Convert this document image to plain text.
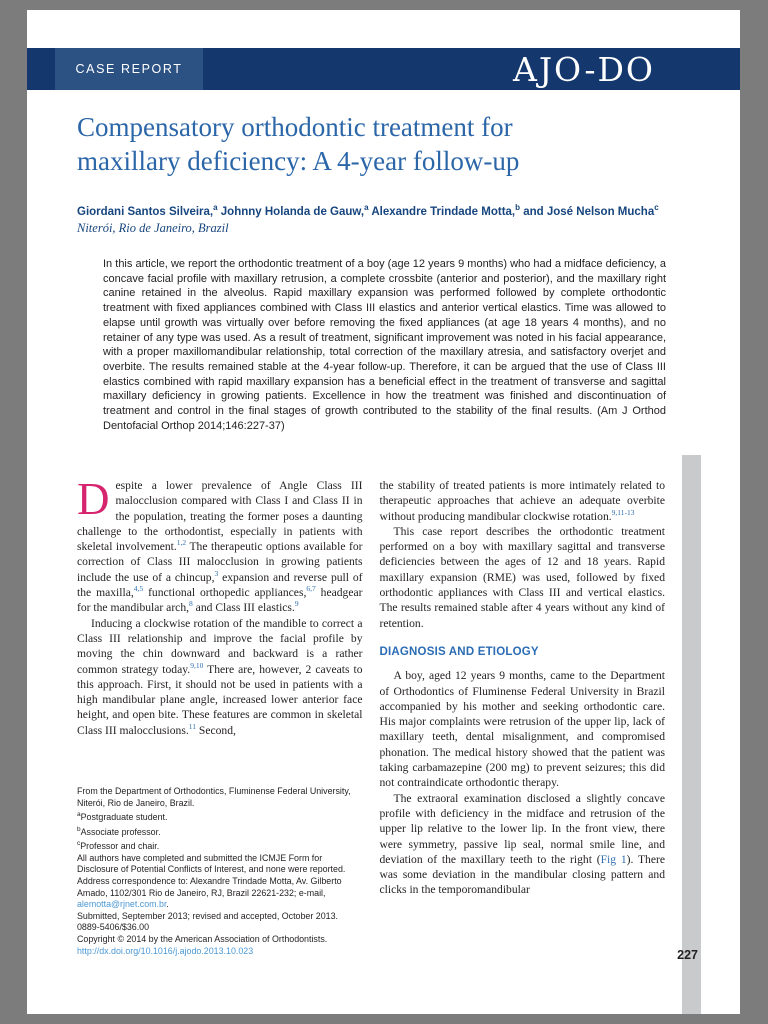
CASE REPORT	AJO-DO
Compensatory orthodontic treatment for
maxillary deficiency: A 4-year follow-up
Giordani Santos Silveira,$^a$ Johnny Holanda de Gauw,$^a$ Alexandre Trindade Motta,$^b$ and José Nelson Mucha$^c$
Niterói, Rio de Janeiro, Brazil

In this article, we report the orthodontic treatment of a boy (age 12 years 9 months) who had a midface deficiency, a concave facial profile with maxillary retrusion, a complete crossbite (anterior and posterior), and the maxillary right canine retained in the alveolus. Rapid maxillary expansion was performed followed by complete orthodontic treatment with fixed appliances combined with Class III elastics and anterior vertical elastics. Time was allowed to elapse until growth was virtually over before removing the fixed appliances (at age 18 years 4 months), and no retainer of any type was used. As a result of treatment, significant improvement was noted in his facial appearance, with a proper maxillomandibular relationship, total correction of the maxillary atresia, and satisfactory overjet and overbite. The results remained stable at the 4-year follow-up. Therefore, it can be argued that the use of Class III elastics combined with rapid maxillary expansion has a beneficial effect in the treatment of transverse and sagittal maxillary deficiency in growing patients. Excellence in how the treatment was finished and discontinuation of treatment and control in the final stages of growth contributed to the stability of the final results. (Am J Orthod Dentofacial Orthop 2014;146:227-37)

Despite a lower prevalence of Angle Class III malocclusion compared with Class I and Class II in the population, treating the former poses a daunting challenge to the orthodontist, especially in patients with skeletal involvement.$^{1,2}$ The therapeutic options available for correction of Class III malocclusion in growing patients include the use of a chincup,$^3$ expansion and reverse pull of the maxilla,$^{4,5}$ functional orthopedic appliances,$^{6,7}$ headgear for the mandibular arch,$^8$ and Class III elastics.$^9$

Inducing a clockwise rotation of the mandible to correct a Class III relationship and improve the facial profile by moving the chin downward and backward is a rather common strategy today.$^{9,10}$ There are, however, 2 caveats to this approach. First, it should not be used in patients with a high mandibular plane angle, increased lower anterior face height, and open bite. These features are common in skeletal Class III malocclusions.$^{11}$ Second,

the stability of treated patients is more intimately related to therapeutic approaches that achieve an adequate overbite without producing mandibular clockwise rotation.$^{9,11-13}$

This case report describes the orthodontic treatment performed on a boy with maxillary sagittal and transverse deficiencies between the ages of 12 and 18 years. Rapid maxillary expansion (RME) was used, followed by fixed orthodontic appliances with Class III and vertical elastics. The results remained stable after 4 years without any kind of retention.

DIAGNOSIS AND ETIOLOGY

A boy, aged 12 years 9 months, came to the Department of Orthodontics of Fluminense Federal University in Brazil accompanied by his mother and seeking orthodontic care. His major complaints were retrusion of the upper lip, lack of maxillary teeth, dental misalignment, and compromised phonation. The medical history showed that the patient was taking carbamazepine (200 mg) to prevent seizures; this did not contraindicate orthodontic therapy.

The extraoral examination disclosed a slightly concave profile with deficiency in the midface and retrusion of the upper lip relative to the lower lip. In the front view, there were symmetry, passive lip seal, normal smile line, and deviation of the maxillary teeth to the right (Fig 1). There was some deviation in the mandibular closing pattern and clicks in the temporomandibular

From the Department of Orthodontics, Fluminense Federal University, Niterói, Rio de Janeiro, Brazil.
$^a$Postgraduate student.
$^b$Associate professor.
$^c$Professor and chair.
All authors have completed and submitted the ICMJE Form for Disclosure of Potential Conflicts of Interest, and none were reported.
Address correspondence to: Alexandre Trindade Motta, Av. Gilberto Amado, 1102/301 Rio de Janeiro, RJ, Brazil 22621-232; e-mail, alemotta@rjnet.com.br.
Submitted, September 2013; revised and accepted, October 2013.
0889-5406/$36.00
Copyright © 2014 by the American Association of Orthodontists.
http://dx.doi.org/10.1016/j.ajodo.2013.10.023	227
